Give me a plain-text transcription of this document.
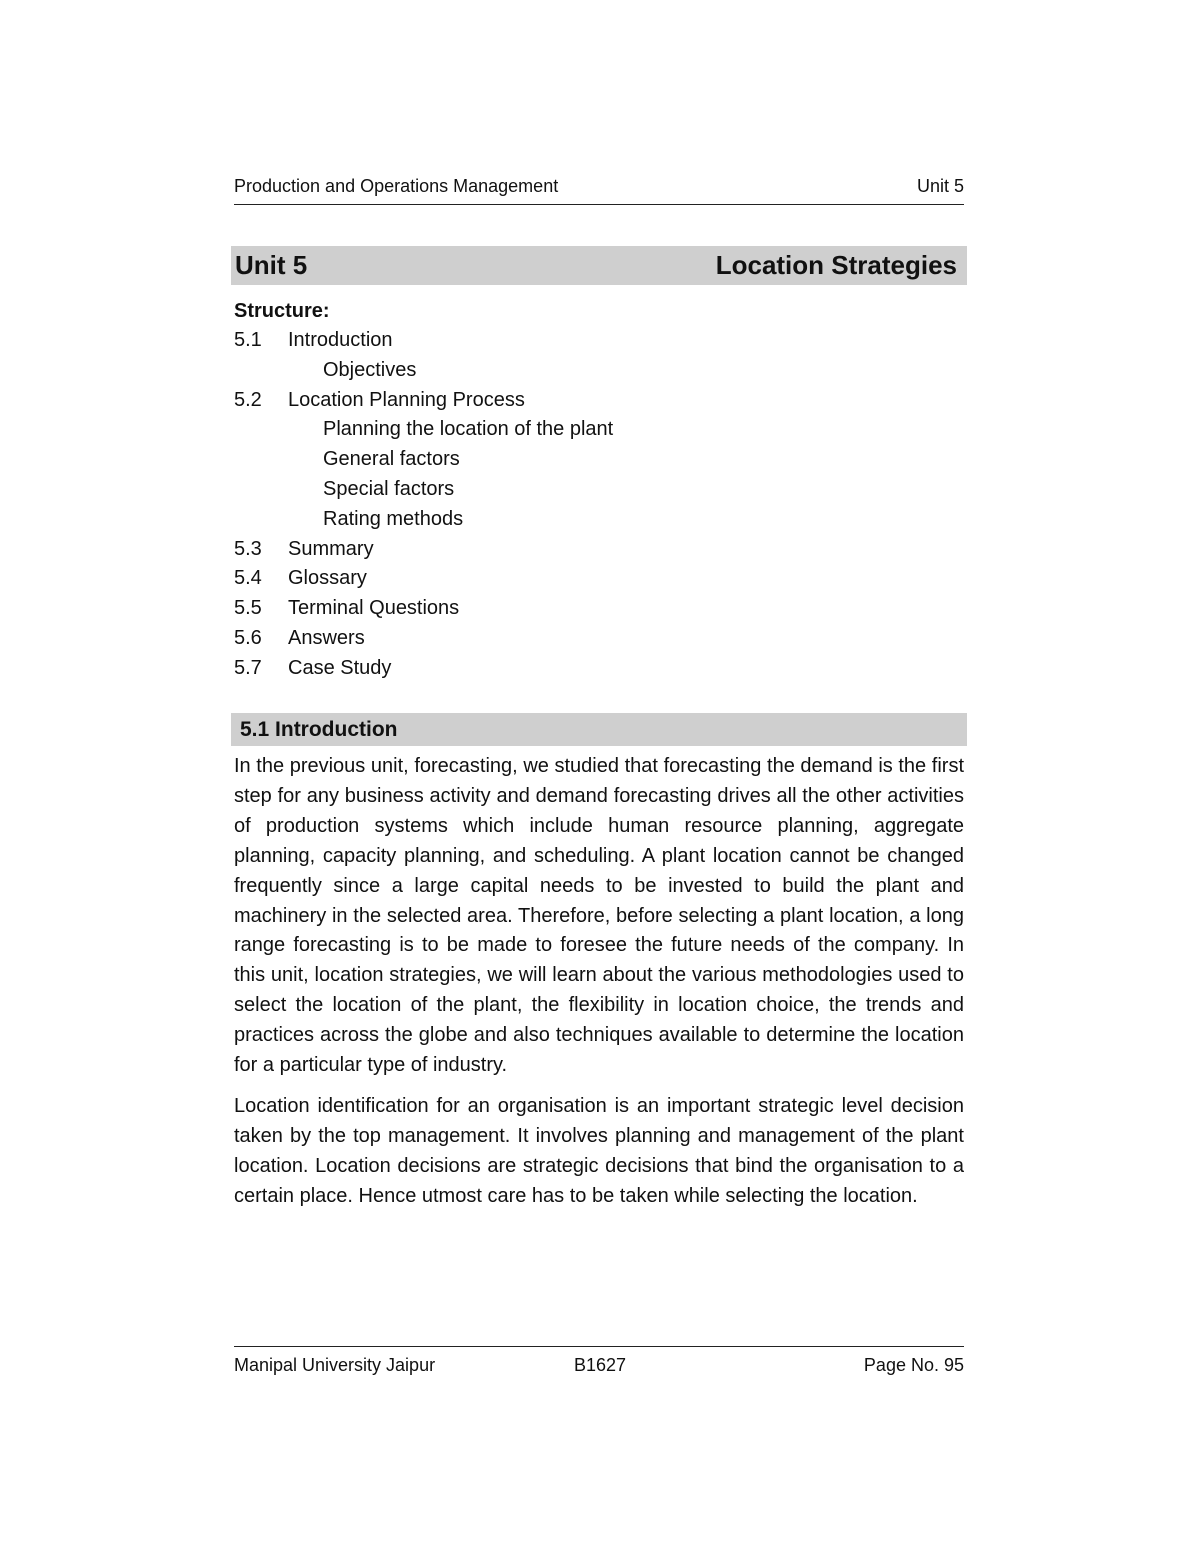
Production and Operations Management	Unit 5
Unit 5	Location Strategies
Structure:
5.1	Introduction
Objectives
5.2	Location Planning Process
Planning the location of the plant
General factors
Special factors
Rating methods
5.3	Summary
5.4	Glossary
5.5	Terminal Questions
5.6	Answers
5.7	Case Study
5.1 Introduction

In the previous unit, forecasting, we studied that forecasting the demand is the first step for any business activity and demand forecasting drives all the other activities of production systems which include human resource planning, aggregate planning, capacity planning, and scheduling. A plant location cannot be changed frequently since a large capital needs to be invested to build the plant and machinery in the selected area. Therefore, before selecting a plant location, a long range forecasting is to be made to foresee the future needs of the company. In this unit, location strategies, we will learn about the various methodologies used to select the location of the plant, the flexibility in location choice, the trends and practices across the globe and also techniques available to determine the location for a particular type of industry.

Location identification for an organisation is an important strategic level decision taken by the top management. It involves planning and management of the plant location. Location decisions are strategic decisions that bind the organisation to a certain place. Hence utmost care has to be taken while selecting the location.

Manipal University Jaipur	B1627	Page No. 95
